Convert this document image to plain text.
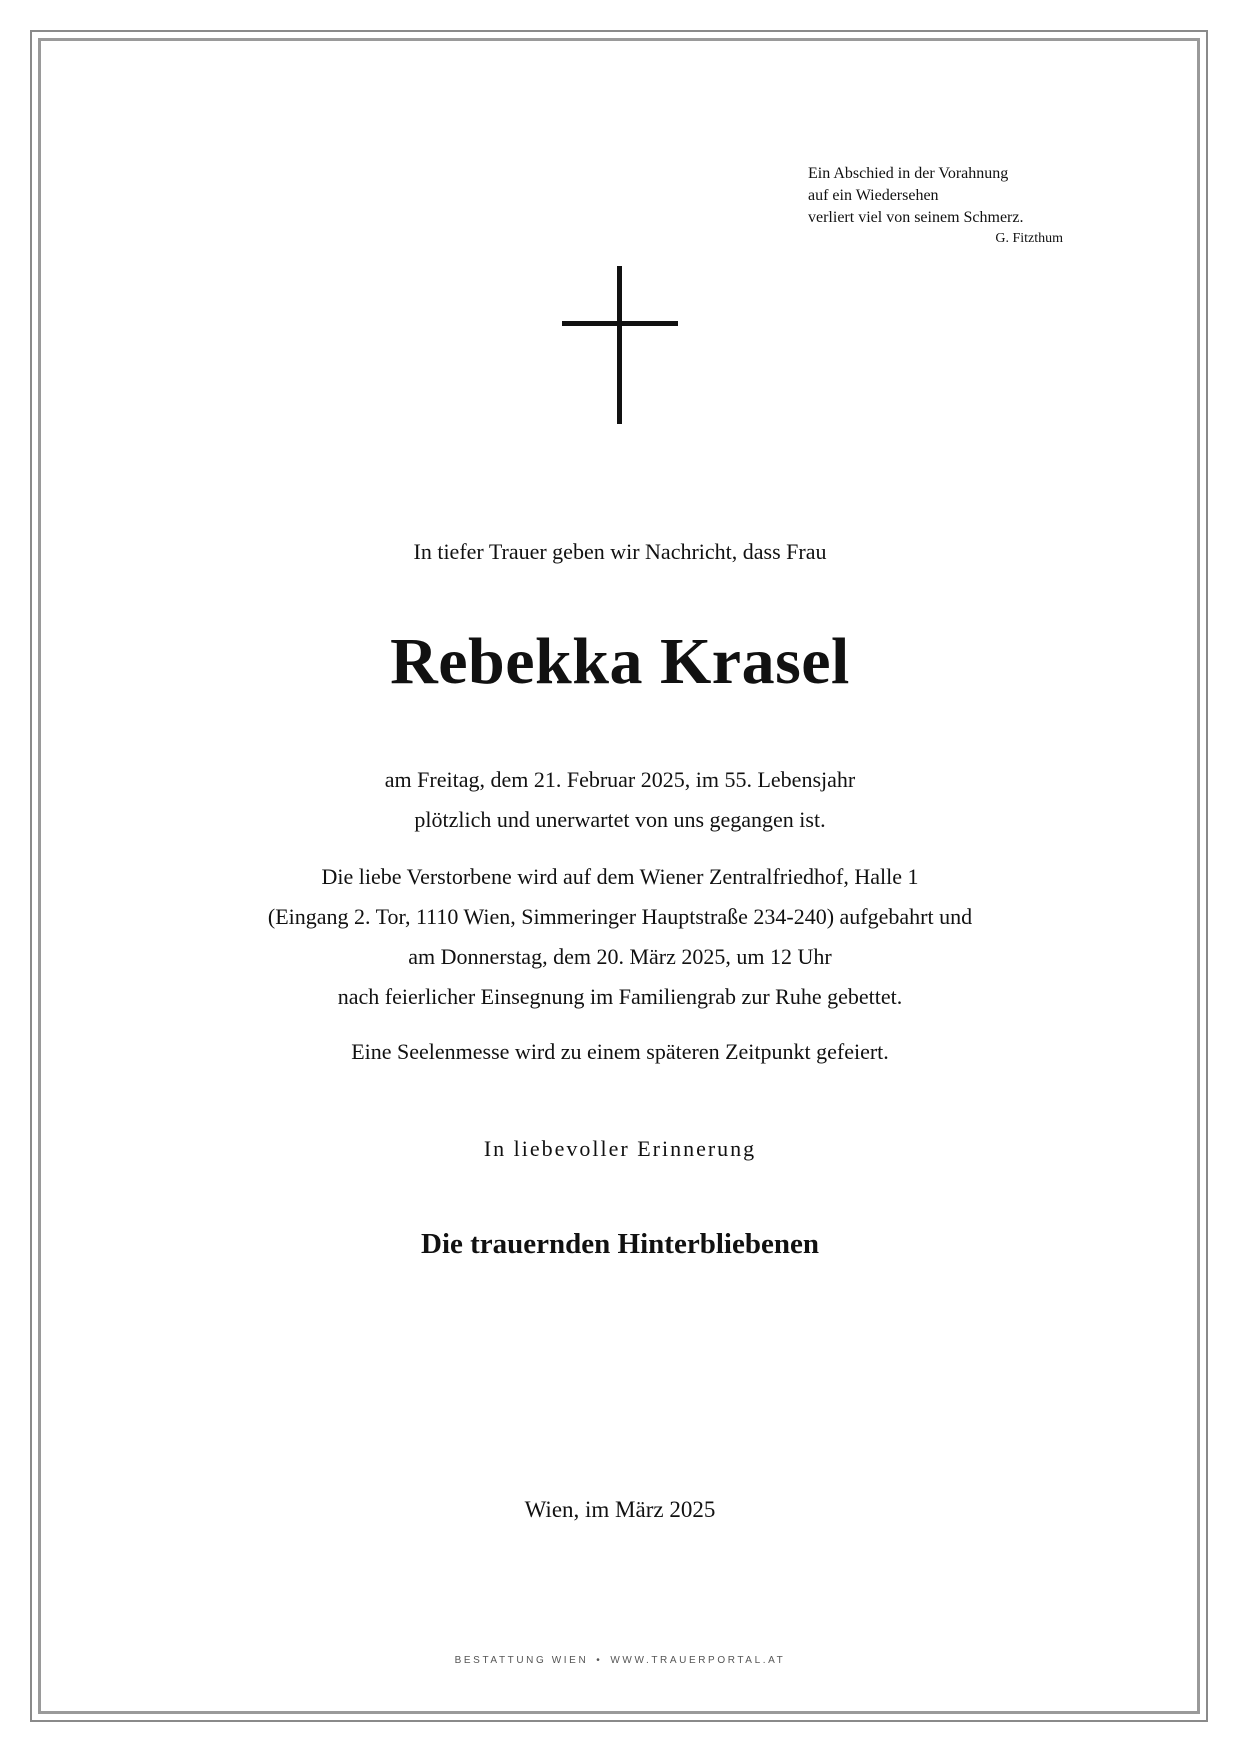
Ein Abschied in der Vorahnung
auf ein Wiedersehen
verliert viel von seinem Schmerz.
G. Fitzthum
In tiefer Trauer geben wir Nachricht, dass Frau
Rebekka Krasel
am Freitag, dem 21. Februar 2025, im 55. Lebensjahr
plötzlich und unerwartet von uns gegangen ist.
Die liebe Verstorbene wird auf dem Wiener Zentralfriedhof, Halle 1
(Eingang 2. Tor, 1110 Wien, Simmeringer Hauptstraße 234-240) aufgebahrt und
am Donnerstag, dem 20. März 2025, um 12 Uhr
nach feierlicher Einsegnung im Familiengrab zur Ruhe gebettet.
Eine Seelenmesse wird zu einem späteren Zeitpunkt gefeiert.
In liebevoller Erinnerung
Die trauernden Hinterbliebenen
Wien, im März 2025
BESTATTUNG WIEN • WWW.TRAUERPORTAL.AT
